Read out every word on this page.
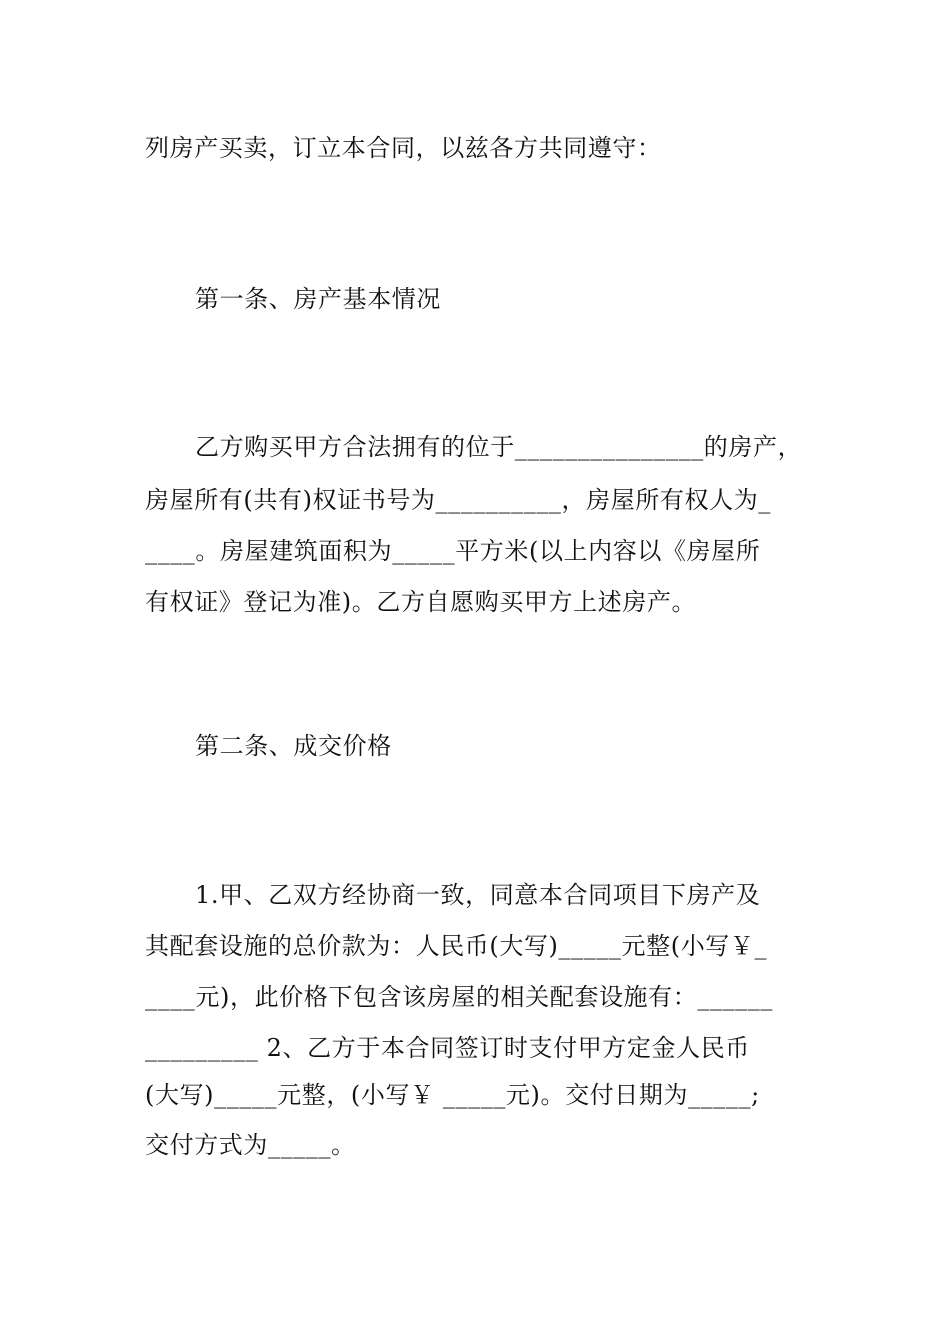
列房产买卖，订立本合同，以兹各方共同遵守：
第一条、房产基本情况
乙方购买甲方合法拥有的位于_______________的房产，
房屋所有(共有)权证书号为__________，房屋所有权人为_
____。房屋建筑面积为_____平方米(以上内容以《房屋所
有权证》登记为准)。乙方自愿购买甲方上述房产。
第二条、成交价格
1.甲、乙双方经协商一致，同意本合同项目下房产及
其配套设施的总价款为：人民币(大写)_____元整(小写￥_
____元)，此价格下包含该房屋的相关配套设施有：______
_________ 2、乙方于本合同签订时支付甲方定金人民币
(大写)_____元整，(小写￥ _____元)。交付日期为_____;
交付方式为_____。
